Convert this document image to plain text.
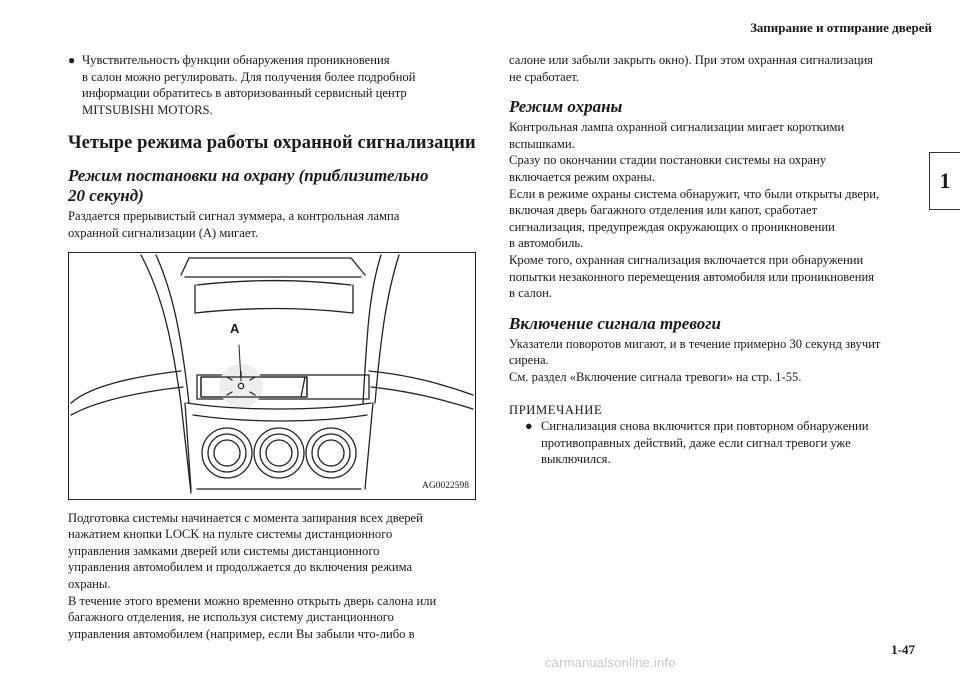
Запирание и отпирание дверей
1
● Чувствительность функции обнаружения проникновения
в салон можно регулировать. Для получения более подробной
информации обратитесь в авторизованный сервисный центр
MITSUBISHI MOTORS.
Четыре режима работы охранной сигнализации
Режим постановки на охрану (приблизительно
20 секунд)
Раздается прерывистый сигнал зуммера, а контрольная лампа
охранной сигнализации (А) мигает.
A
AG0022598
Подготовка системы начинается с момента запирания всех дверей
нажатием кнопки LOCK на пульте системы дистанционного
управления замками дверей или системы дистанционного
управления автомобилем и продолжается до включения режима
охраны.
В течение этого времени можно временно открыть дверь салона или
багажного отделения, не используя систему дистанционного
управления автомобилем (например, если Вы забыли что-либо в
салоне или забыли закрыть окно). При этом охранная сигнализация
не сработает.
Режим охраны
Контрольная лампа охранной сигнализации мигает короткими
вспышками.
Сразу по окончании стадии постановки системы на охрану
включается режим охраны.
Если в режиме охраны система обнаружит, что были открыты двери,
включая дверь багажного отделения или капот, сработает
сигнализация, предупреждая окружающих о проникновении
в автомобиль.
Кроме того, охранная сигнализация включается при обнаружении
попытки незаконного перемещения автомобиля или проникновения
в салон.
Включение сигнала тревоги
Указатели поворотов мигают, и в течение примерно 30 секунд звучит
сирена.
См. раздел «Включение сигнала тревоги» на стр. 1-55.
ПРИМЕЧАНИЕ
● Сигнализация снова включится при повторном обнаружении
противоправных действий, даже если сигнал тревоги уже
выключился.
1-47
carmanualsonline.info
